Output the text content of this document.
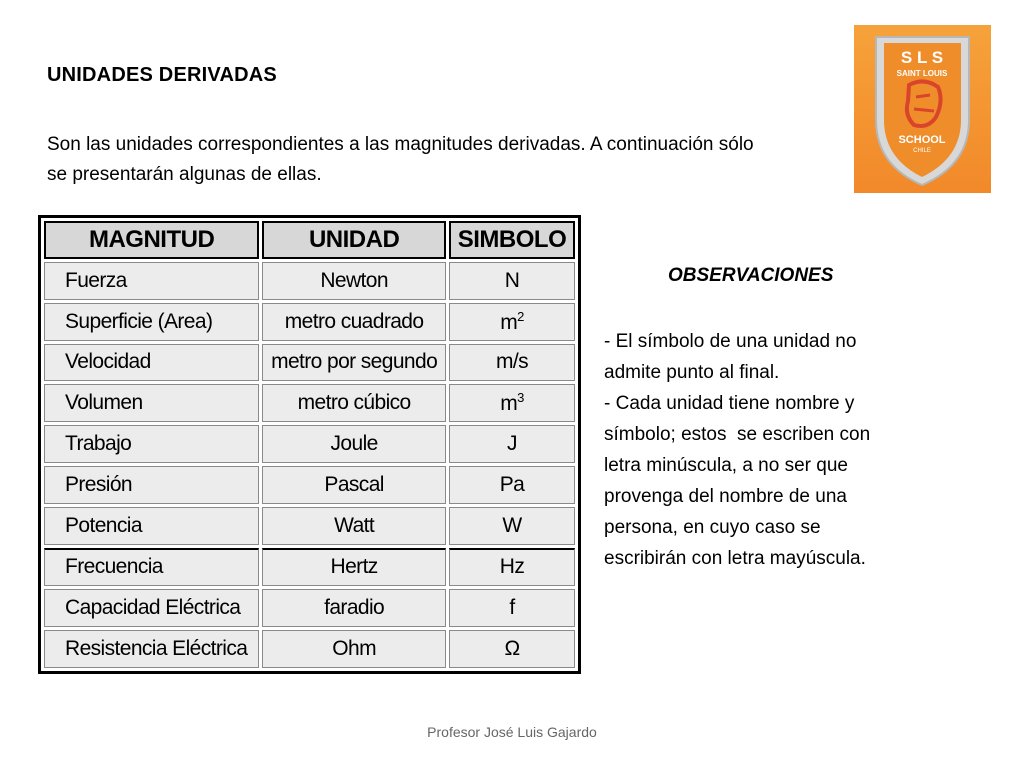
UNIDADES DERIVADAS
Son las unidades correspondientes a las magnitudes derivadas. A continuación sólo se presentarán algunas de ellas.
S L S
SAINT LOUIS
SCHOOL
CHILE
MAGNITUD	UNIDAD	SIMBOLO
Fuerza	Newton	N
Superficie (Area)	metro cuadrado	$m^2$
Velocidad	metro por segundo	m/s
Volumen	metro cúbico	$m^3$
Trabajo	Joule	J
Presión	Pascal	Pa
Potencia	Watt	W
Frecuencia	Hertz	Hz
Capacidad Eléctrica	faradio	f
Resistencia Eléctrica	Ohm	Ω
OBSERVACIONES
- El símbolo de una unidad no
admite punto al final.
- Cada unidad tiene nombre y
símbolo; estos  se escriben con
letra minúscula, a no ser que
provenga del nombre de una
persona, en cuyo caso se
escribirán con letra mayúscula.
Profesor José Luis Gajardo
